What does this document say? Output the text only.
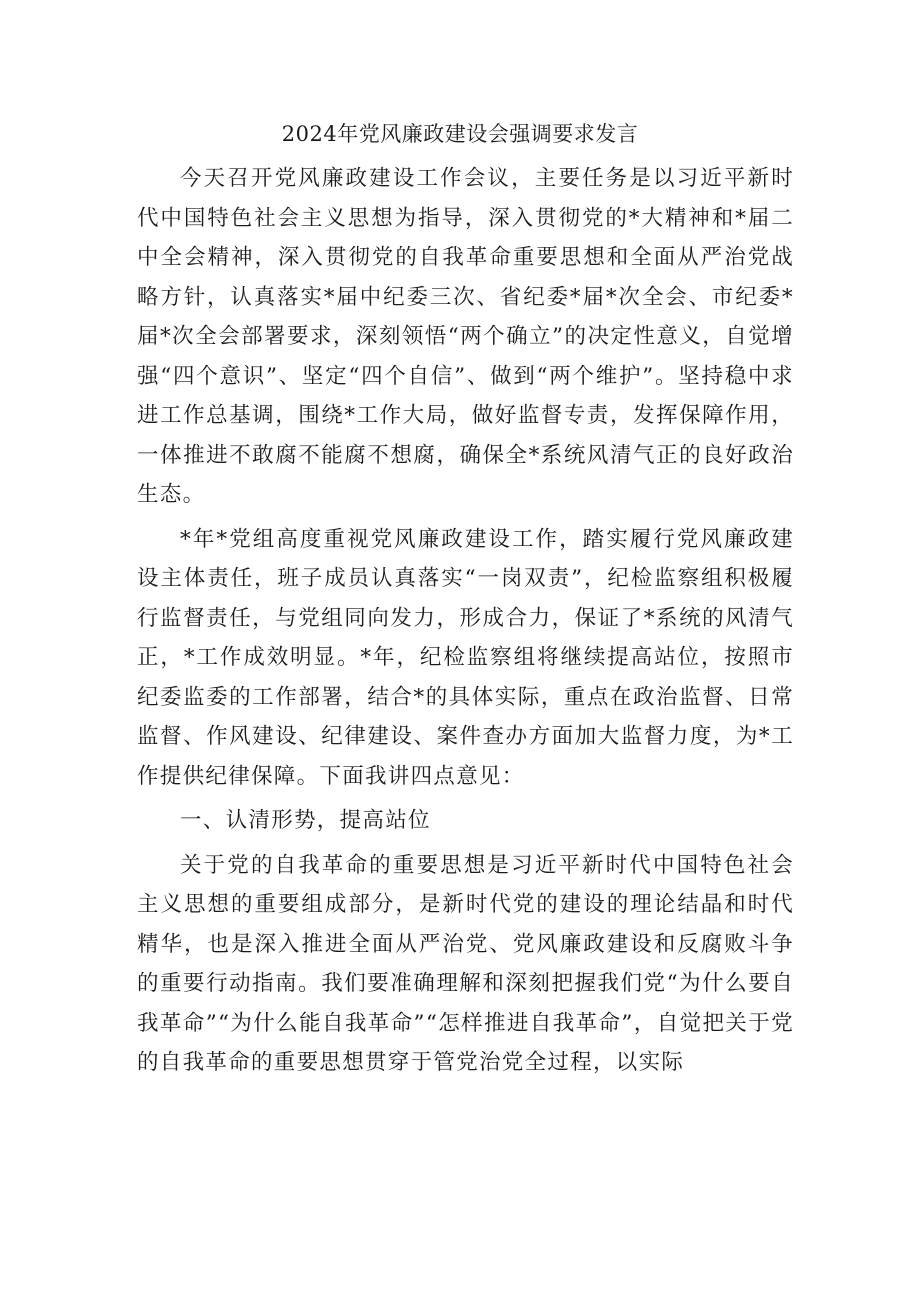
2024年党风廉政建设会强调要求发言

今天召开党风廉政建设工作会议，主要任务是以习近平新时代中国特色社会主义思想为指导，深入贯彻党的*大精神和*届二中全会精神，深入贯彻党的自我革命重要思想和全面从严治党战略方针，认真落实*届中纪委三次、省纪委*届*次全会、市纪委*届*次全会部署要求，深刻领悟“两个确立”的决定性意义，自觉增强“四个意识”、坚定“四个自信”、做到“两个维护”。坚持稳中求进工作总基调，围绕*工作大局，做好监督专责，发挥保障作用，一体推进不敢腐不能腐不想腐，确保全*系统风清气正的良好政治生态。

*年*党组高度重视党风廉政建设工作，踏实履行党风廉政建设主体责任，班子成员认真落实“一岗双责”，纪检监察组积极履行监督责任，与党组同向发力，形成合力，保证了*系统的风清气正，*工作成效明显。*年，纪检监察组将继续提高站位，按照市纪委监委的工作部署，结合*的具体实际，重点在政治监督、日常监督、作风建设、纪律建设、案件查办方面加大监督力度，为*工作提供纪律保障。下面我讲四点意见：

一、认清形势，提高站位

关于党的自我革命的重要思想是习近平新时代中国特色社会主义思想的重要组成部分，是新时代党的建设的理论结晶和时代精华，也是深入推进全面从严治党、党风廉政建设和反腐败斗争的重要行动指南。我们要准确理解和深刻把握我们党“为什么要自我革命”“为什么能自我革命”“怎样推进自我革命”，自觉把关于党的自我革命的重要思想贯穿于管党治党全过程，以实际
